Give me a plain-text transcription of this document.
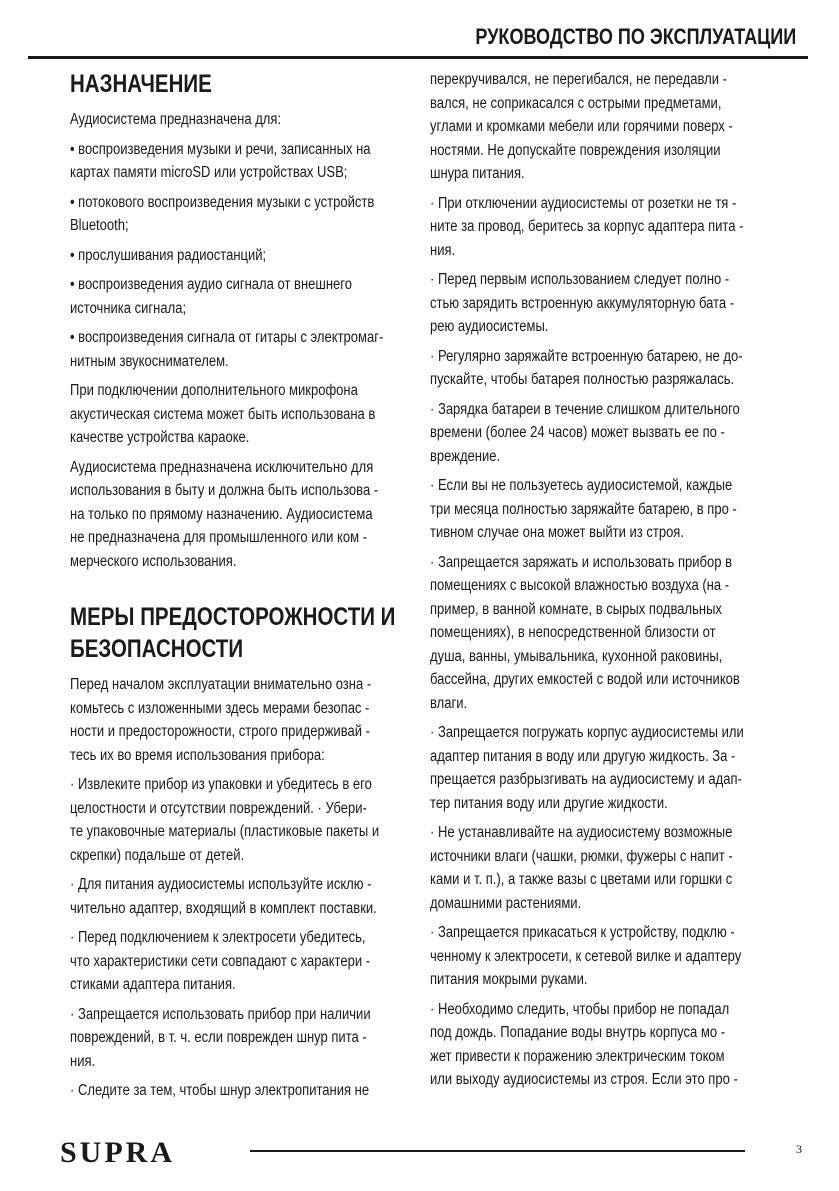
РУКОВОДСТВО ПО ЭКСПЛУАТАЦИИ
НАЗНАЧЕНИЕ
Аудиосистема предназначена для:
• воспроизведения музыки и речи, записанных на
картах памяти microSD или устройствах USB;
• потокового воспроизведения музыки с устройств
Bluetooth;
• прослушивания радиостанций;
• воспроизведения аудио сигнала от внешнего
источника сигнала;
• воспроизведения сигнала от гитары с электромаг-
нитным звукоснимателем.
При подключении дополнительного микрофона
акустическая система может быть использована в
качестве устройства караоке.
Аудиосистема предназначена исключительно для
использования в быту и должна быть использова -
на только по прямому назначению. Аудиосистема
не предназначена для промышленного или ком -
мерческого использования.
МЕРЫ ПРЕДОСТОРОЖНОСТИ И
БЕЗОПАСНОСТИ
Перед началом эксплуатации внимательно озна -
комьтесь с изложенными здесь мерами безопас -
ности и предосторожности, строго придерживай -
тесь их во время использования прибора:
· Извлеките прибор из упаковки и убедитесь в его
целостности и отсутствии повреждений. · Убери-
те упаковочные материалы (пластиковые пакеты и
скрепки) подальше от детей.
· Для питания аудиосистемы используйте исклю -
чительно адаптер, входящий в комплект поставки.
· Перед подключением к электросети убедитесь,
что характеристики сети совпадают с характери -
стиками адаптера питания.
· Запрещается использовать прибор при наличии
повреждений, в т. ч. если поврежден шнур пита -
ния.
· Следите за тем, чтобы шнур электропитания не
перекручивался, не перегибался, не передавли -
вался, не соприкасался с острыми предметами,
углами и кромками мебели или горячими поверх -
ностями. Не допускайте повреждения изоляции
шнура питания.
· При отключении аудиосистемы от розетки не тя -
ните за провод, беритесь за корпус адаптера пита -
ния.
· Перед первым использованием следует полно -
стью зарядить встроенную аккумуляторную бата -
рею аудиосистемы.
· Регулярно заряжайте встроенную батарею, не до-
пускайте, чтобы батарея полностью разряжалась.
· Зарядка батареи в течение слишком длительного
времени (более 24 часов) может вызвать ее по -
вреждение.
· Если вы не пользуетесь аудиосистемой, каждые
три месяца полностью заряжайте батарею, в про -
тивном случае она может выйти из строя.
· Запрещается заряжать и использовать прибор в
помещениях с высокой влажностью воздуха (на -
пример, в ванной комнате, в сырых подвальных
помещениях), в непосредственной близости от
душа, ванны, умывальника, кухонной раковины,
бассейна, других емкостей с водой или источников
влаги.
· Запрещается погружать корпус аудиосистемы или
адаптер питания в воду или другую жидкость. За -
прещается разбрызгивать на аудиосистему и адап-
тер питания воду или другие жидкости.
· Не устанавливайте на аудиосистему возможные
источники влаги (чашки, рюмки, фужеры с напит -
ками и т. п.), а также вазы с цветами или горшки с
домашними растениями.
· Запрещается прикасаться к устройству, подклю -
ченному к электросети, к сетевой вилке и адаптеру
питания мокрыми руками.
· Необходимо следить, чтобы прибор не попадал
под дождь. Попадание воды внутрь корпуса мо -
жет привести к поражению электрическим током
или выходу аудиосистемы из строя. Если это про -
SUPRA	3
